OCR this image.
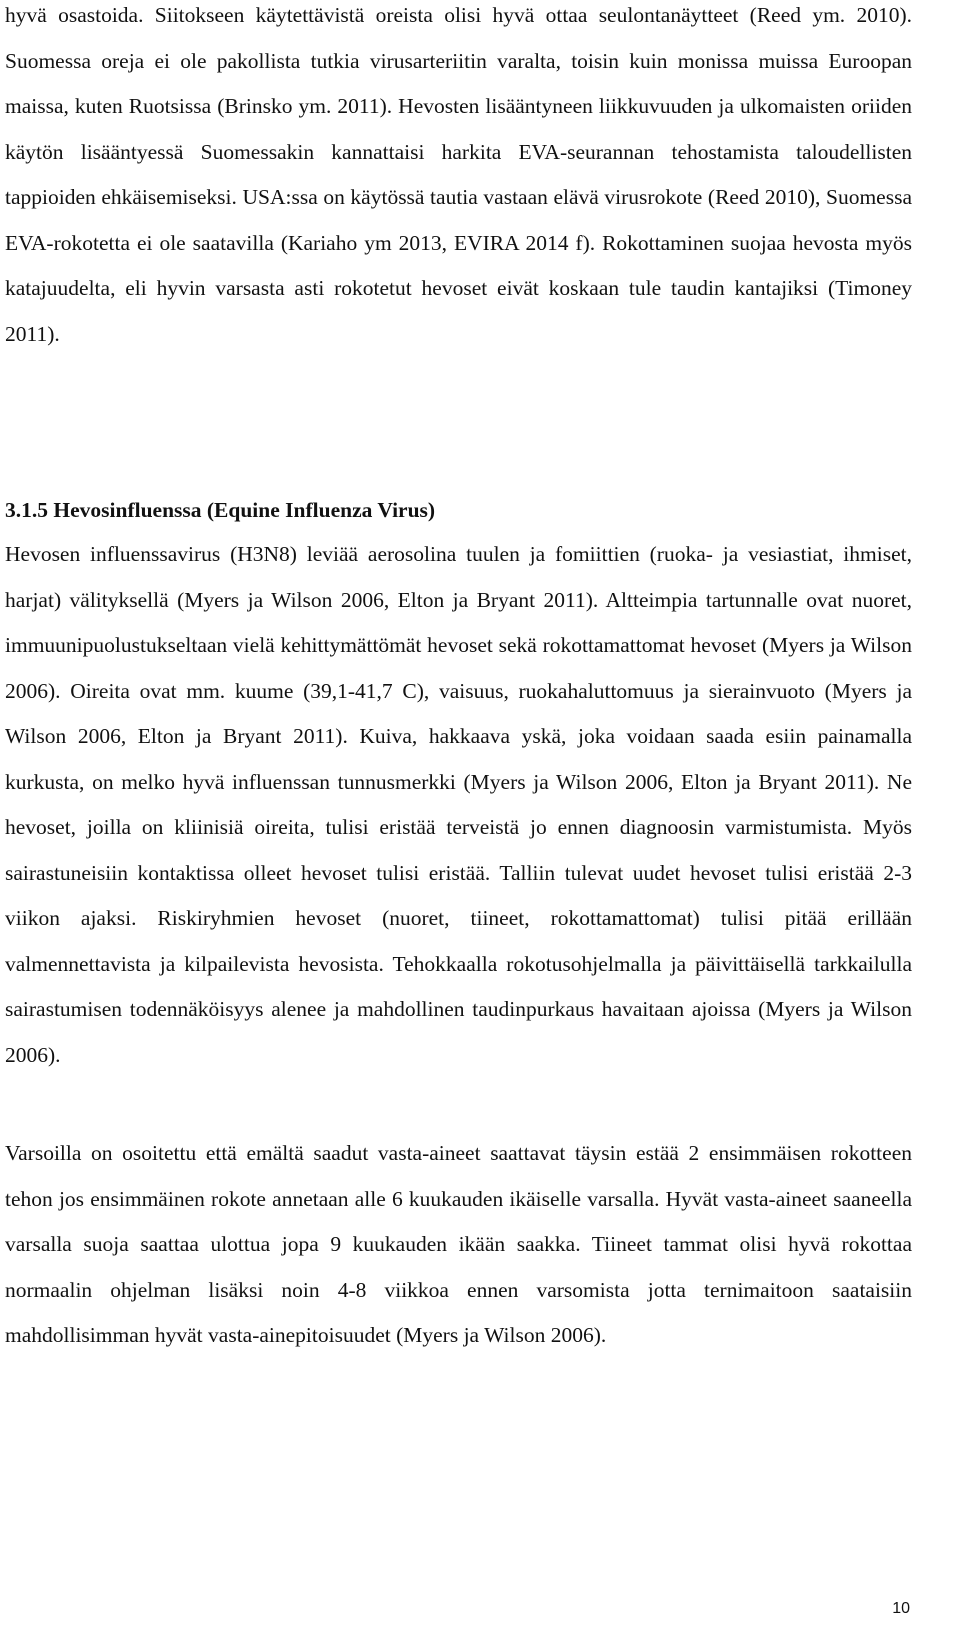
hyvä osastoida. Siitokseen käytettävistä oreista olisi hyvä ottaa seulontanäytteet (Reed ym. 2010). Suomessa oreja ei ole pakollista tutkia virusarteriitin varalta, toisin kuin monissa muissa Euroopan maissa, kuten Ruotsissa (Brinsko ym. 2011). Hevosten lisääntyneen liikkuvuuden ja ulkomaisten oriiden käytön lisääntyessä Suomessakin kannattaisi harkita EVA-seurannan tehostamista taloudellisten tappioiden ehkäisemiseksi. USA:ssa on käytössä tautia vastaan elävä virusrokote (Reed 2010), Suomessa EVA-rokotetta ei ole saatavilla (Kariaho ym 2013, EVIRA 2014 f). Rokottaminen suojaa hevosta myös katajuudelta, eli hyvin varsasta asti rokotetut hevoset eivät koskaan tule taudin kantajiksi (Timoney 2011).

3.1.5 Hevosinfluenssa (Equine Influenza Virus)

Hevosen influenssavirus (H3N8) leviää aerosolina tuulen ja fomiittien (ruoka- ja vesiastiat, ihmiset, harjat) välityksellä (Myers ja Wilson 2006, Elton ja Bryant 2011). Altteimpia tartunnalle ovat nuoret, immuunipuolustukseltaan vielä kehittymättömät hevoset sekä rokottamattomat hevoset (Myers ja Wilson 2006). Oireita ovat mm. kuume (39,1-41,7 C), vaisuus, ruokahaluttomuus ja sierainvuoto (Myers ja Wilson 2006, Elton ja Bryant 2011). Kuiva, hakkaava yskä, joka voidaan saada esiin painamalla kurkusta, on melko hyvä influenssan tunnusmerkki (Myers ja Wilson 2006, Elton ja Bryant 2011). Ne hevoset, joilla on kliinisiä oireita, tulisi eristää terveistä jo ennen diagnoosin varmistumista. Myös sairastuneisiin kontaktissa olleet hevoset tulisi eristää. Talliin tulevat uudet hevoset tulisi eristää 2-3 viikon ajaksi. Riskiryhmien hevoset (nuoret, tiineet, rokottamattomat) tulisi pitää erillään valmennettavista ja kilpailevista hevosista. Tehokkaalla rokotusohjelmalla ja päivittäisellä tarkkailulla sairastumisen todennäköisyys alenee ja mahdollinen taudinpurkaus havaitaan ajoissa (Myers ja Wilson 2006).

Varsoilla on osoitettu että emältä saadut vasta-aineet saattavat täysin estää 2 ensimmäisen rokotteen tehon jos ensimmäinen rokote annetaan alle 6 kuukauden ikäiselle varsalla. Hyvät vasta-aineet saaneella varsalla suoja saattaa ulottua jopa 9 kuukauden ikään saakka. Tiineet tammat olisi hyvä rokottaa normaalin ohjelman lisäksi noin 4-8 viikkoa ennen varsomista jotta ternimaitoon saataisiin mahdollisimman hyvät vasta-ainepitoisuudet (Myers ja Wilson 2006).

10
